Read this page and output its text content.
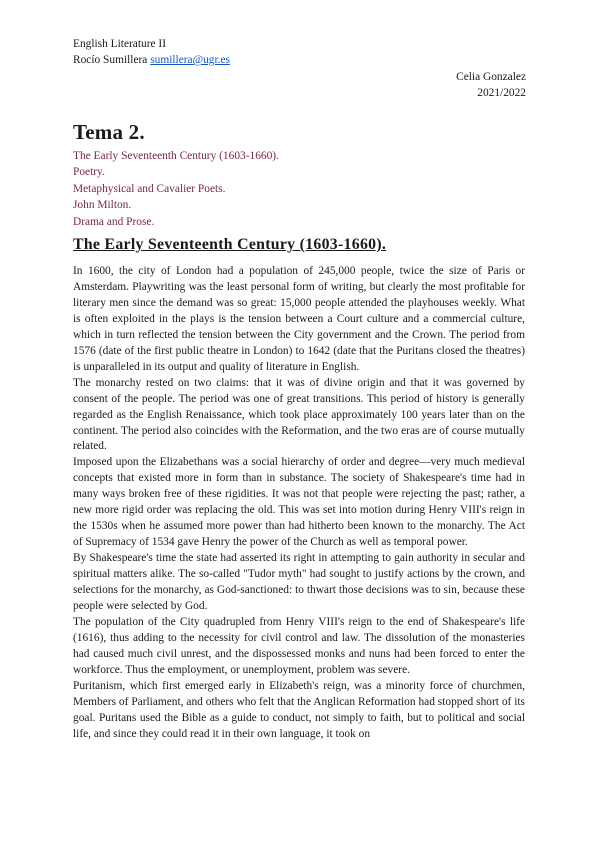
English Literature II
Rocío Sumillera sumillera@ugr.es
Celia Gonzalez
2021/2022
Tema 2.
The Early Seventeenth Century (1603-1660).
Poetry.
Metaphysical and Cavalier Poets.
John Milton.
Drama and Prose.
The Early Seventeenth Century (1603-1660).

In 1600, the city of London had a population of 245,000 people, twice the size of Paris or Amsterdam. Playwriting was the least personal form of writing, but clearly the most profitable for literary men since the demand was so great: 15,000 people attended the playhouses weekly. What is often exploited in the plays is the tension between a Court culture and a commercial culture, which in turn reflected the tension between the City government and the Crown. The period from 1576 (date of the first public theatre in London) to 1642 (date that the Puritans closed the theatres) is unparalleled in its output and quality of literature in English.

The monarchy rested on two claims: that it was of divine origin and that it was governed by consent of the people. The period was one of great transitions. This period of history is generally regarded as the English Renaissance, which took place approximately 100 years later than on the continent. The period also coincides with the Reformation, and the two eras are of course mutually related.

Imposed upon the Elizabethans was a social hierarchy of order and degree—very much medieval concepts that existed more in form than in substance. The society of Shakespeare's time had in many ways broken free of these rigidities. It was not that people were rejecting the past; rather, a new more rigid order was replacing the old. This was set into motion during Henry VIII's reign in the 1530s when he assumed more power than had hitherto been known to the monarchy. The Act of Supremacy of 1534 gave Henry the power of the Church as well as temporal power.

By Shakespeare's time the state had asserted its right in attempting to gain authority in secular and spiritual matters alike. The so-called "Tudor myth" had sought to justify actions by the crown, and selections for the monarchy, as God-sanctioned: to thwart those decisions was to sin, because these people were selected by God.

The population of the City quadrupled from Henry VIII's reign to the end of Shakespeare's life (1616), thus adding to the necessity for civil control and law. The dissolution of the monasteries had caused much civil unrest, and the dispossessed monks and nuns had been forced to enter the workforce. Thus the employment, or unemployment, problem was severe.

Puritanism, which first emerged early in Elizabeth's reign, was a minority force of churchmen, Members of Parliament, and others who felt that the Anglican Reformation had stopped short of its goal. Puritans used the Bible as a guide to conduct, not simply to faith, but to political and social life, and since they could read it in their own language, it took on
